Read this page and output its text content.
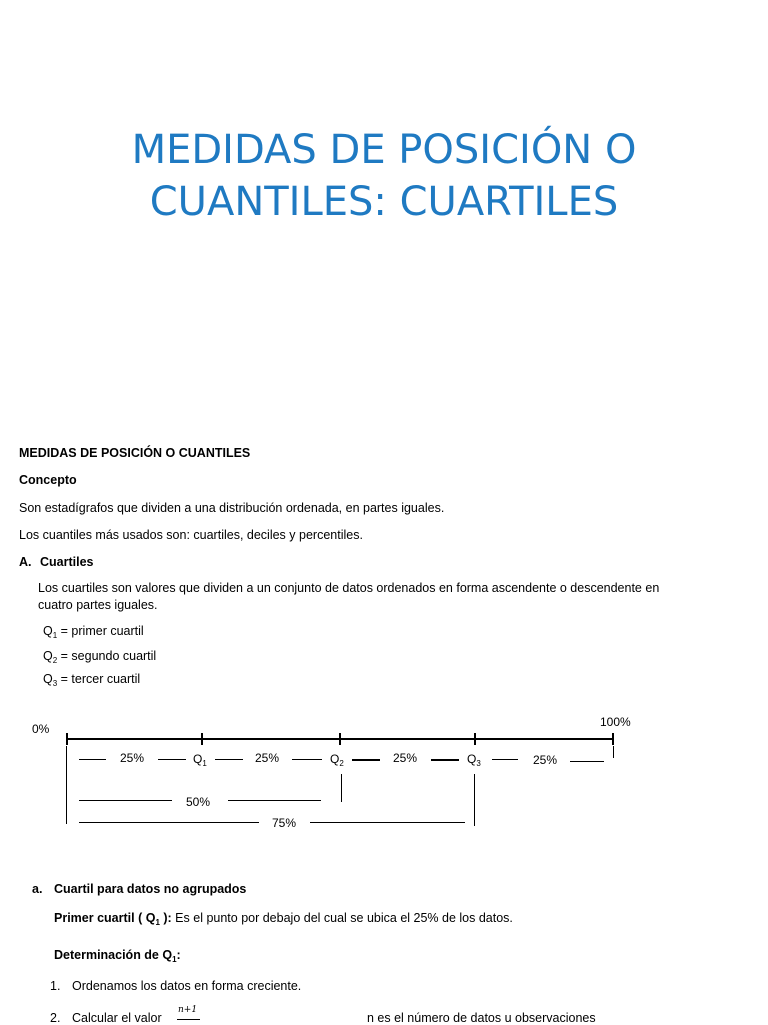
MEDIDAS DE POSICIÓN O
CUANTILES: CUARTILES
MEDIDAS DE POSICIÓN O CUANTILES
Concepto
Son estadígrafos que dividen a una distribución ordenada, en partes iguales.
Los cuantiles más usados son: cuartiles, deciles y percentiles.
A. Cuartiles
Los cuartiles son valores que dividen a un conjunto de datos ordenados en forma ascendente o descendente en
cuatro partes iguales.
$Q_1$ = primer cuartil
$Q_2$ = segundo cuartil
$Q_3$ = tercer cuartil
0%	100%
25%	$Q_1$	25%	$Q_2$	25%	$Q_3$	25%
50%
75%
a. Cuartil para datos no agrupados
Primer cuartil ( $Q_1$ ): Es el punto por debajo del cual se ubica el 25% de los datos.
Determinación de $Q_1$:
1. Ordenamos los datos en forma creciente.
2. Calcular el valor
n+1
n es el número de datos u observaciones
